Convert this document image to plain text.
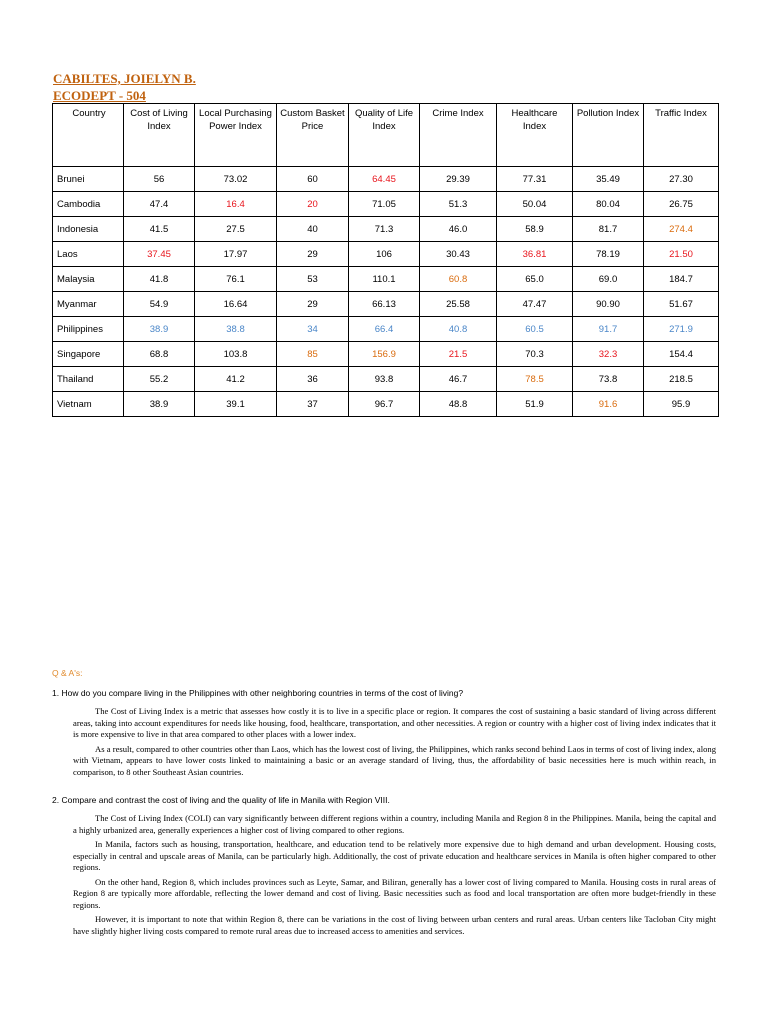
CABILTES, JOIELYN B.
ECODEPT - 504
Country	Cost of Living Index	Local Purchasing Power Index	Custom Basket Price	Quality of Life Index	Crime Index	Healthcare Index	Pollution Index	Traffic Index
Brunei	56	73.02	60	64.45	29.39	77.31	35.49	27.30
Cambodia	47.4	16.4	20	71.05	51.3	50.04	80.04	26.75
Indonesia	41.5	27.5	40	71.3	46.0	58.9	81.7	274.4
Laos	37.45	17.97	29	106	30.43	36.81	78.19	21.50
Malaysia	41.8	76.1	53	110.1	60.8	65.0	69.0	184.7
Myanmar	54.9	16.64	29	66.13	25.58	47.47	90.90	51.67
Philippines	38.9	38.8	34	66.4	40.8	60.5	91.7	271.9
Singapore	68.8	103.8	85	156.9	21.5	70.3	32.3	154.4
Thailand	55.2	41.2	36	93.8	46.7	78.5	73.8	218.5
Vietnam	38.9	39.1	37	96.7	48.8	51.9	91.6	95.9
Q & A's:
1. How do you compare living in the Philippines with other neighboring countries in terms of the cost of living?

The Cost of Living Index is a metric that assesses how costly it is to live in a specific place or region. It compares the cost of sustaining a basic standard of living across different areas, taking into account expenditures for needs like housing, food, healthcare, transportation, and other necessities. A region or country with a higher cost of living index indicates that it is more expensive to live in that area compared to other places with a lower index.

As a result, compared to other countries other than Laos, which has the lowest cost of living, the Philippines, which ranks second behind Laos in terms of cost of living index, along with Vietnam, appears to have lower costs linked to maintaining a basic or an average standard of living, thus, the affordability of basic necessities here is much within reach, in comparison, to 8 other Southeast Asian countries.

2. Compare and contrast the cost of living and the quality of life in Manila with Region VIII.

The Cost of Living Index (COLI) can vary significantly between different regions within a country, including Manila and Region 8 in the Philippines. Manila, being the capital and a highly urbanized area, generally experiences a higher cost of living compared to other regions.

In Manila, factors such as housing, transportation, healthcare, and education tend to be relatively more expensive due to high demand and urban development. Housing costs, especially in central and upscale areas of Manila, can be particularly high. Additionally, the cost of private education and healthcare services in Manila is often higher compared to other regions.

On the other hand, Region 8, which includes provinces such as Leyte, Samar, and Biliran, generally has a lower cost of living compared to Manila. Housing costs in rural areas of Region 8 are typically more affordable, reflecting the lower demand and cost of living. Basic necessities such as food and local transportation are often more budget-friendly in these regions.

However, it is important to note that within Region 8, there can be variations in the cost of living between urban centers and rural areas. Urban centers like Tacloban City might have slightly higher living costs compared to remote rural areas due to increased access to amenities and services.
